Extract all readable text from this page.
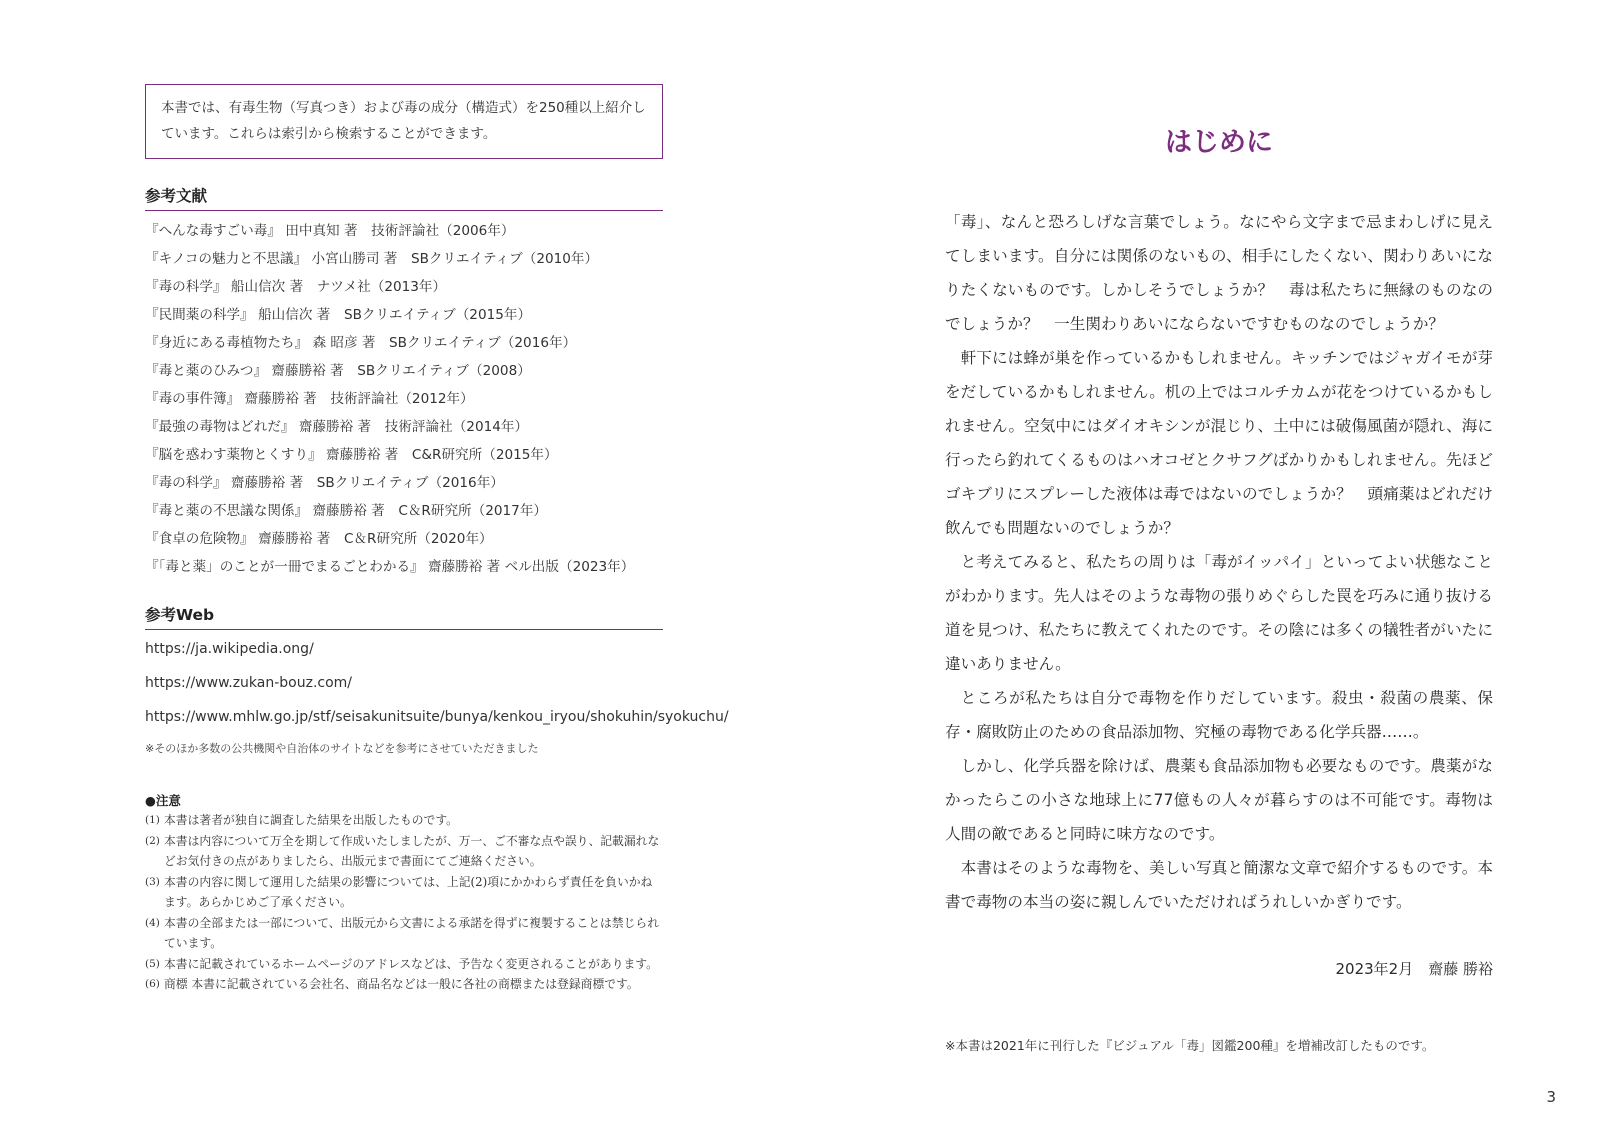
本書では、有毒生物（写真つき）および毒の成分（構造式）を250種以上紹介しています。これらは索引から検索することができます。
参考文献
『へんな毒すごい毒』 田中真知 著　技術評論社（2006年）
『キノコの魅力と不思議』 小宮山勝司 著　SBクリエイティブ（2010年）
『毒の科学』 船山信次 著　ナツメ社（2013年）
『民間薬の科学』 船山信次 著　SBクリエイティブ（2015年）
『身近にある毒植物たち』 森 昭彦 著　SBクリエイティブ（2016年）
『毒と薬のひみつ』 齋藤勝裕 著　SBクリエイティブ（2008）
『毒の事件簿』 齋藤勝裕 著　技術評論社（2012年）
『最強の毒物はどれだ』 齋藤勝裕 著　技術評論社（2014年）
『脳を惑わす薬物とくすり』 齋藤勝裕 著　C&R研究所（2015年）
『毒の科学』 齋藤勝裕 著　SBクリエイティブ（2016年）
『毒と薬の不思議な関係』 齋藤勝裕 著　C＆R研究所（2017年）
『食卓の危険物』 齋藤勝裕 著　C＆R研究所（2020年）
『「毒と薬」のことが一冊でまるごとわかる』 齋藤勝裕 著 ベル出版（2023年）
参考Web
https://ja.wikipedia.ong/
https://www.zukan-bouz.com/
https://www.mhlw.go.jp/stf/seisakunitsuite/bunya/kenkou_iryou/shokuhin/syokuchu/
※そのほか多数の公共機関や自治体のサイトなどを参考にさせていただきました
●注意
(1) 本書は著者が独自に調査した結果を出版したものです。
(2) 本書は内容について万全を期して作成いたしましたが、万一、ご不審な点や誤り、記載漏れなどお気付きの点がありましたら、出版元まで書面にてご連絡ください。
(3) 本書の内容に関して運用した結果の影響については、上記(2)項にかかわらず責任を負いかねます。あらかじめご了承ください。
(4) 本書の全部または一部について、出版元から文書による承諾を得ずに複製することは禁じられています。
(5) 本書に記載されているホームページのアドレスなどは、予告なく変更されることがあります。
(6) 商標 本書に記載されている会社名、商品名などは一般に各社の商標または登録商標です。
はじめに

「毒」、なんと恐ろしげな言葉でしょう。なにやら文字まで忌まわしげに見えてしまいます。自分には関係のないもの、相手にしたくない、関わりあいになりたくないものです。しかしそうでしょうか？　毒は私たちに無縁のものなのでしょうか？　一生関わりあいにならないですむものなのでしょうか？

軒下には蜂が巣を作っているかもしれません。キッチンではジャガイモが芽をだしているかもしれません。机の上ではコルチカムが花をつけているかもしれません。空気中にはダイオキシンが混じり、土中には破傷風菌が隠れ、海に行ったら釣れてくるものはハオコゼとクサフグばかりかもしれません。先ほどゴキブリにスプレーした液体は毒ではないのでしょうか？　頭痛薬はどれだけ飲んでも問題ないのでしょうか？

と考えてみると、私たちの周りは「毒がイッパイ」といってよい状態なことがわかります。先人はそのような毒物の張りめぐらした罠を巧みに通り抜ける道を見つけ、私たちに教えてくれたのです。その陰には多くの犠牲者がいたに違いありません。

ところが私たちは自分で毒物を作りだしています。殺虫・殺菌の農薬、保存・腐敗防止のための食品添加物、究極の毒物である化学兵器……。

しかし、化学兵器を除けば、農薬も食品添加物も必要なものです。農薬がなかったらこの小さな地球上に77億もの人々が暮らすのは不可能です。毒物は人間の敵であると同時に味方なのです。

本書はそのような毒物を、美しい写真と簡潔な文章で紹介するものです。本書で毒物の本当の姿に親しんでいただければうれしいかぎりです。

2023年2月　齋藤 勝裕
※本書は2021年に刊行した『ビジュアル「毒」図鑑200種』を増補改訂したものです。
3
